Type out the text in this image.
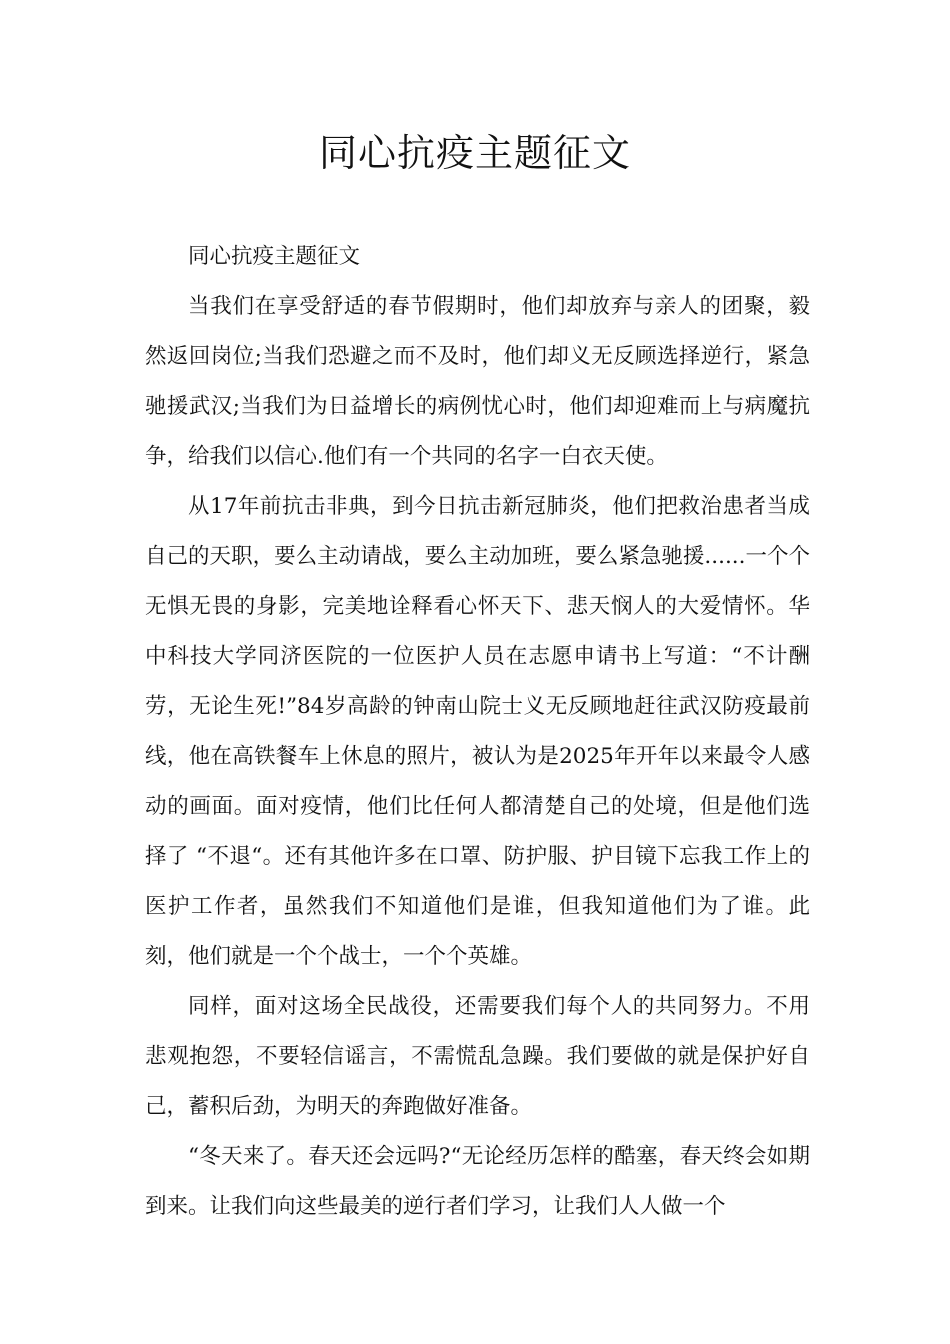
同心抗疫主题征文

同心抗疫主题征文

当我们在享受舒适的春节假期时，他们却放弃与亲人的团聚，毅然返回岗位;当我们恐避之而不及时，他们却义无反顾选择逆行，紧急驰援武汉;当我们为日益增长的病例忧心时，他们却迎难而上与病魔抗争，给我们以信心.他们有一个共同的名字一白衣天使。

从17年前抗击非典，到今日抗击新冠肺炎，他们把救治患者当成自己的天职，要么主动请战，要么主动加班，要么紧急驰援......一个个无惧无畏的身影，完美地诠释看心怀天下、悲天悯人的大爱情怀。华中科技大学同济医院的一位医护人员在志愿申请书上写道：“不计酬劳，无论生死!”84岁高龄的钟南山院士义无反顾地赶往武汉防疫最前线，他在高铁餐车上休息的照片，被认为是2025年开年以来最令人感动的画面。面对疫情，他们比任何人都清楚自己的处境，但是他们选择了 “不退“。还有其他许多在口罩、防护服、护目镜下忘我工作上的医护工作者，虽然我们不知道他们是谁，但我知道他们为了谁。此刻，他们就是一个个战士，一个个英雄。

同样，面对这场全民战役，还需要我们每个人的共同努力。不用悲观抱怨，不要轻信谣言，不需慌乱急躁。我们要做的就是保护好自己，蓄积后劲，为明天的奔跑做好准备。

“冬天来了。春天还会远吗?“无论经历怎样的酷塞，春天终会如期到来。让我们向这些最美的逆行者们学习，让我们人人做一个
